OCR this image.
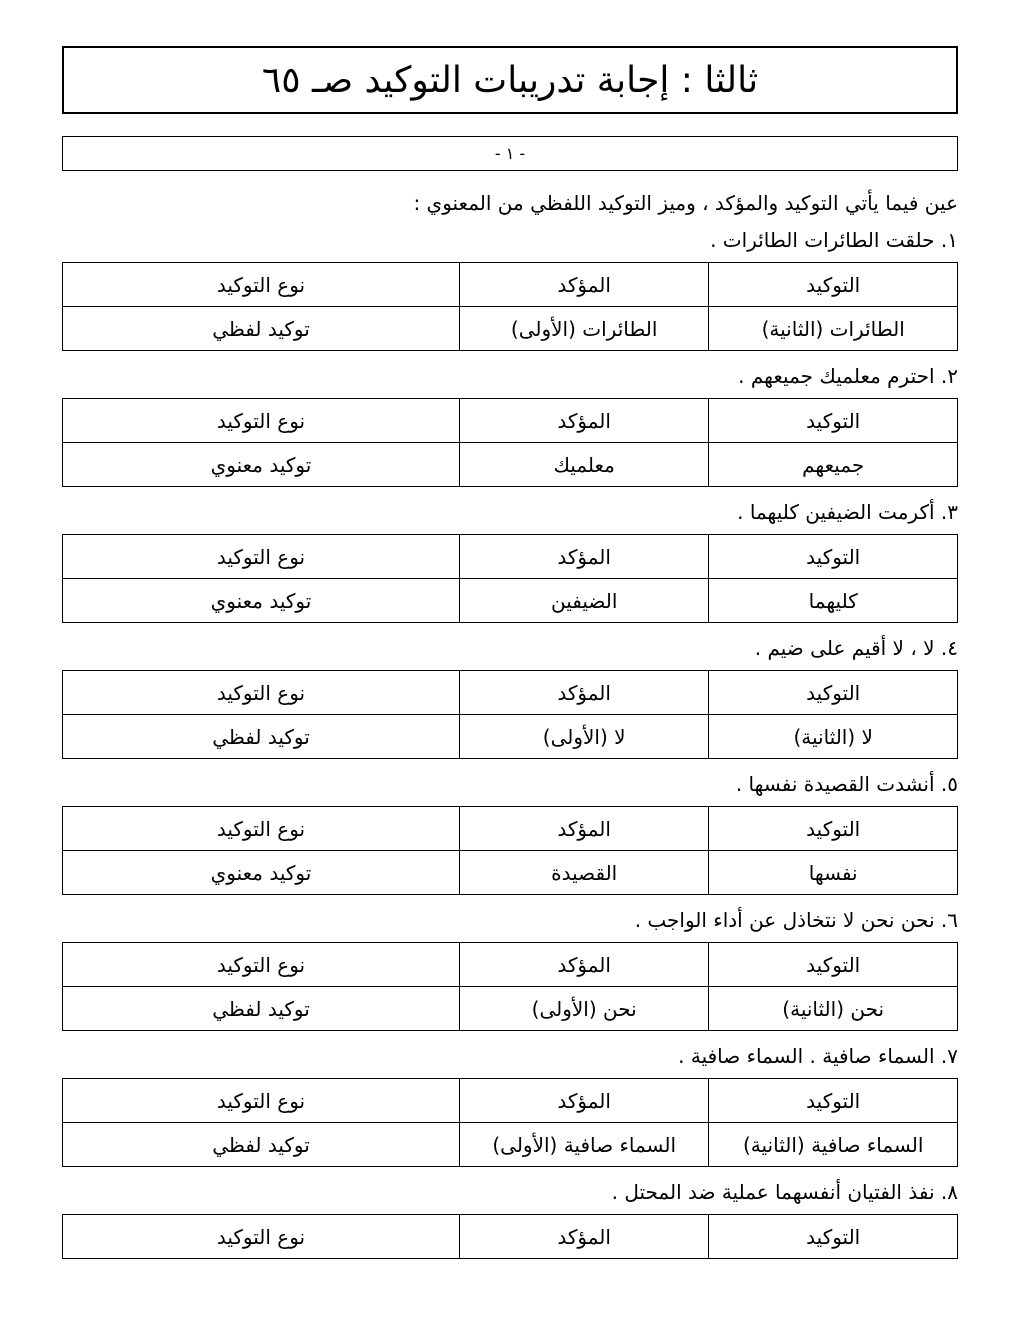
ثالثا : إجابة تدريبات التوكيد صـ ٦٥
- ١ -

عين فيما يأتي التوكيد والمؤكد ، وميز التوكيد اللفظي من المعنوي :

١. حلقت الطائرات الطائرات .

التوكيد
المؤكد
نوع التوكيد
الطائرات (الثانية)
الطائرات (الأولى)
توكيد لفظي

٢. احترم معلميك جميعهم .

التوكيد
المؤكد
نوع التوكيد
جميعهم
معلميك
توكيد معنوي

٣. أكرمت الضيفين كليهما .

التوكيد
المؤكد
نوع التوكيد
كليهما
الضيفين
توكيد معنوي

٤. لا ، لا أقيم على ضيم .

التوكيد
المؤكد
نوع التوكيد
لا (الثانية)
لا (الأولى)
توكيد لفظي

٥. أنشدت القصيدة نفسها .

التوكيد
المؤكد
نوع التوكيد
نفسها
القصيدة
توكيد معنوي

٦. نحن نحن لا نتخاذل عن أداء الواجب .

التوكيد
المؤكد
نوع التوكيد
نحن (الثانية)
نحن (الأولى)
توكيد لفظي

٧. السماء صافية . السماء صافية .

التوكيد
المؤكد
نوع التوكيد
السماء صافية (الثانية)
السماء صافية (الأولى)
توكيد لفظي

٨. نفذ الفتيان أنفسهما عملية ضد المحتل .

التوكيد
المؤكد
نوع التوكيد
